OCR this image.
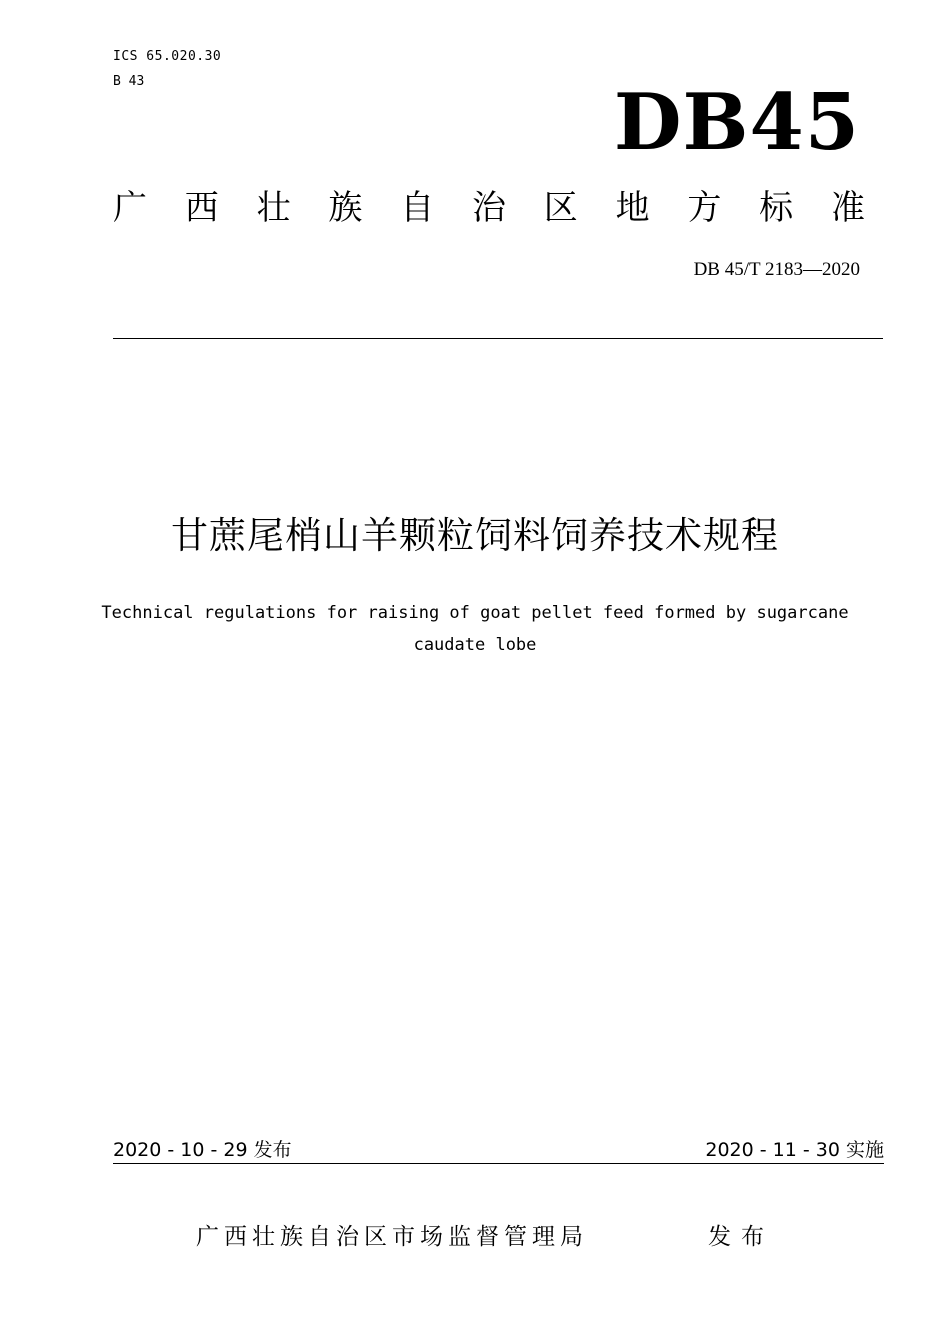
ICS 65.020.30
B 43	DB45
广 西 壮 族 自 治 区 地 方 标 准
DB 45/T 2183—2020
甘蔗尾梢山羊颗粒饲料饲养技术规程
Technical regulations for raising of goat pellet feed formed by sugarcane
caudate lobe
2020 - 10 - 29 发布	2020 - 11 - 30 实施
广西壮族自治区市场监督管理局	发布
